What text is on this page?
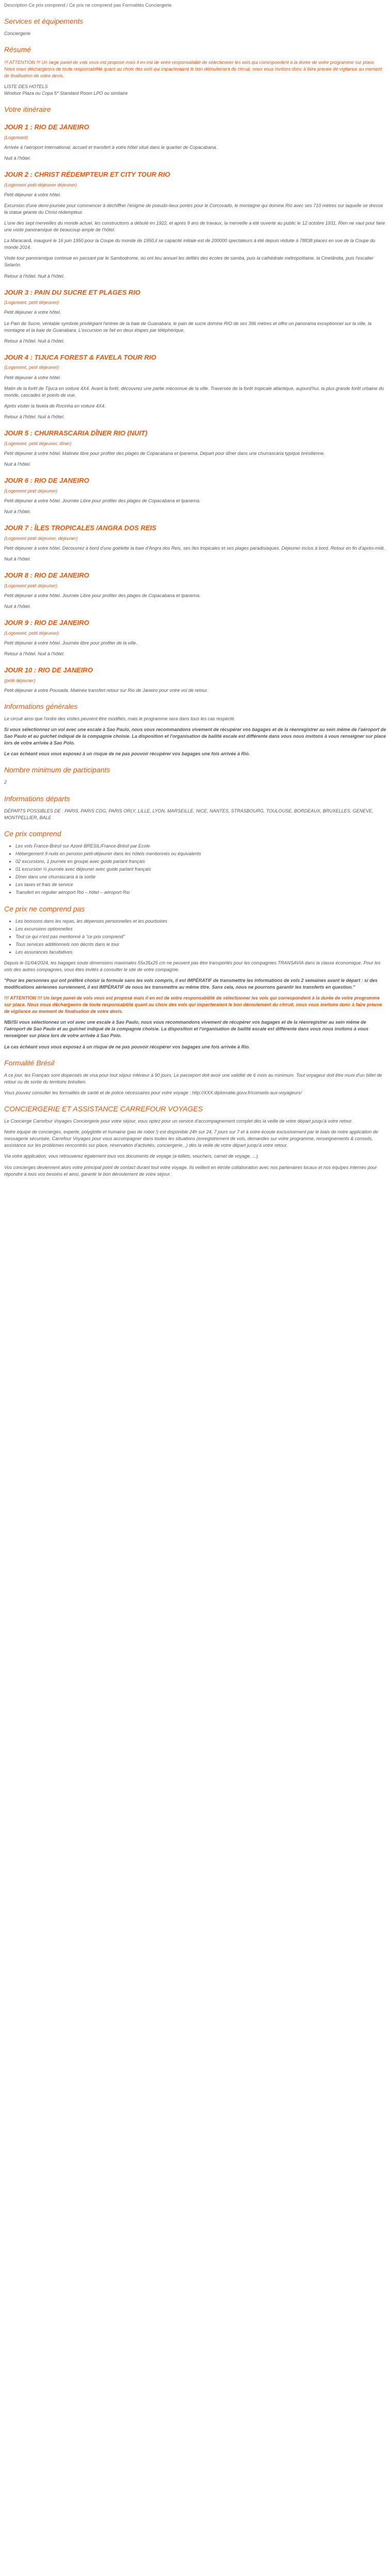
Description Ce prix comprend / Ce prix ne comprend pas Formalités Conciergerie
Services et équipements

Conciergerie

Résumé

!!! ATTENTION !!! Un large panel de vols vous est proposé mais il en est de votre responsabilité de sélectionner les vols qui correspondent à la durée de votre programme sur place. Nous nous déchargeons de toute responsabilité quant au choix des vols qui impacteraient le bon déroulement du circuit, nous vous invitons donc à faire preuve de vigilance au moment de finalisation de votre devis.

LISTE DES HOTELS

Windsor Plaza ou Copa 5* Standard Room LPO ou similaire

Votre itinéraire
JOUR 1 : RIO DE JANEIRO
(Logement)

Arrivée à l'aéroport International, accueil et transfert à votre hôtel situé dans le quartier de Copacabana.

Nuit à l'hôtel.

JOUR 2 : CHRIST RÉDEMPTEUR ET CITY TOUR RIO
(Logement petit-déjeuner déjeuner)

Petit déjeuner à votre hôtel.

Excursion d'une demi-journée pour commencer à déchiffrer l'énigme de pseudo-lieux portés pour le Corcovado, le montagne qui domine Rio avec ses 710 mètres sur laquelle se dresse la statue géante du Christ rédempteur.

L'une des sept merveilles du monde actuel, les constructions a débuté en 1922, et après 9 ans de travaux, la merveille a été ouverte au public le 12 octobre 1931. Rien ne vaut pour faire une visite panoramique de beaucoup ample de l'hôtel.

La Maracanã, inauguré le 16 juin 1950 pour la Coupe du monde de 1950,il se capacité initiale est de 200000 spectateurs à été depuis réduite à 78838 places en vue de la Coupe du monde 2014.

Visite tour panoramique continue en passant par le Sambodrome, où ont lieu annuel les défilés des écoles de samba, puis la cathédrale métropolitaine, la Cinelândia, puis l'escalier Selarón.

Retour à l'hôtel. Nuit à l'hôtel.

JOUR 3 : PAIN DU SUCRE ET PLAGES RIO
(Logement, petit déjeuner)

Petit déjeuner à votre hôtel.

Le Pain de Sucre, véritable symbole privilégiant l'entrée de la baie de Guanabara, le pain de sucre domine RIO de ses 396 mètres et offre un panorama exceptionnel sur la ville, la montagne et la baie de Guanabara. L'excursion se fait en deux étapes par téléphérique.

Retour à l'hôtel. Nuit à l'hôtel.

JOUR 4 : TIJUCA FOREST & FAVELA TOUR RIO
(Logement, petit déjeuner)

Petit déjeuner à votre hôtel.

Matin de la forêt de Tijuca en voiture 4X4. Avant la forêt, découvrez une partie méconnue de la ville. Traversée de la forêt tropicale atlantique, aujourd'hui, la plus grande forêt urbaine du monde, cascades et points de vue.

Après visiter la favela de Rocinha en voiture 4X4.

Retour à l'hôtel. Nuit à l'hôtel.

JOUR 5 : CHURRASCARIA DÎNER RIO (NUIT)
(Logement, petit déjeuner, dîner)

Petit déjeuner à votre hôtel. Matinée libre pour profiter des plages de Copacabana et Ipanema. Départ pour dîner dans une churrascaria typique brésilienne.

Nuit à l'hôtel.

JOUR 6 : RIO DE JANEIRO
(Logement petit déjeuner)

Petit déjeuner à votre hôtel. Journée Libre pour profiter des plages de Copacabana et Ipanema.

Nuit à l'hôtel.

JOUR 7 : ÎLES TROPICALES /ANGRA DOS REIS
(Logement petit déjeuner, déjeuner)

Petit déjeuner à votre hôtel. Découvrez à bord d'une goélette la baie d'Angra dos Reis, ses îles tropicales et ses plages paradisiaques. Déjeuner inclus à bord. Retour en fin d'après-midi.

Nuit à l'hôtel.

JOUR 8 : RIO DE JANEIRO
(Logement petit déjeuner)

Petit déjeuner à votre hôtel. Journée Libre pour profiter des plages de Copacabana et Ipanema.

Nuit à l'hôtel.

JOUR 9 : RIO DE JANEIRO
(Logement, petit déjeuner)

Petit déjeuner à votre hôtel. Journée libre pour profiter de la ville.

Retour à l'hôtel. Nuit à l'hôtel.

JOUR 10 : RIO DE JANEIRO
(petit déjeuner)

Petit déjeuner à votre Pousada. Matinée transfert retour sur Rio de Janeiro pour votre vol de retour.

Informations générales

Le circuit ainsi que l'ordre des visites peuvent être modifiés, mais le programme sera dans tous les cas respecté.

Si vous sélectionnez un vol avec une escale à Sao Paulo, nous vous recommandons vivement de récupérer vos bagages et de la réenregistrer au sein même de l'aéroport de Sao Paulo et au guichet indiqué de la compagnie choisie. La disposition et l'organisation de bailité escale est différente dans vous nous invitons à vous renseigner sur place lors de votre arrivée à Sao Polo.

Le cas échéant vous vous exposez à un risque de ne pas pouvoir récupérer vos bagages une fois arrivée à Rio.

Nombre minimum de participants

2

Informations départs

DÉPARTS POSSIBLES DE : PARIS, PARIS CDG, PARIS ORLY, LILLE, LYON, MARSEILLE, NICE, NANTES, STRASBOURG, TOULOUSE, BORDEAUX, BRUXELLES, GENEVE, MONTPELLIER, BALE

Ce prix comprend
• Les vols France-Brésil sur Azoré BRESIL/France-Brésil par Ecole
• Hébergement 9 nuits en pension petit-déjeuner dans les hôtels mentionnés ou équivalents
• 02 excursions, 1 journée en groupe avec guide parlant français
• 01 excursion ½ journée avec déjeuner avec guide parlant français
• Dîner dans une churrascaria à la sortie
• Les taxes et frais de service
• Transfert en régulier aéroport Rio – hôtel – aéroport Rio
Ce prix ne comprend pas
• Les boissons dans les repas, les dépenses personnelles et les pourboires
• Les excursions optionnelles
• Tout ce qui n'est pas mentionné à "ce prix comprend"
• Tous services additionnels non décrits dans le tour
• Les assurances facultatives

Depuis le 01/04/2024, les bagages soute dimensions maximales 55x35x25 cm ne peuvent pas être transportés pour les compagnies TRANSAVIA dans la classe économique. Pour les vols des autres compagnies, vous êtes invités à consulter le site de votre compagnie.

"Pour les personnes qui ont préféré choisir la formule sans les vols compris, il est IMPÉRATIF de transmettre les informations de vols 2 semaines avant le départ : si des modifications aériennes surviennent, il est IMPÉRATIF de nous les transmettre au même titre. Sans cela, nous ne pourrons garantir les transferts en question."

!!! ATTENTION !!! Un large panel de vols vous est proposé mais il en est de votre responsabilité de sélectionner les vols qui correspondent à la durée de votre programme sur place. Nous nous déchargeons de toute responsabilité quant au choix des vols qui impacteraient le bon déroulement du circuit, nous vous invitons donc à faire preuve de vigilance au moment de finalisation de votre devis.

NB//Si vous sélectionnez un vol avec une escale à Sao Paulo, nous vous recommandons vivement de récupérer vos bagages et de la réenregistrer au sein même de l'aéroport de Sao Paulo et au guichet indiqué de la compagnie choisie. La disposition et l'organisation de bailité escale est différente dans vous nous invitons à vous renseigner sur place lors de votre arrivée à Sao Polo.

Le cas échéant vous vous exposez à un risque de ne pas pouvoir récupérer vos bagages une fois arrivée à Rio.

Formalité Brésil

A ce jour, les Français sont dispensés de visa pour tout séjour inférieur à 90 jours. Le passeport doit avoir une validité de 6 mois au minimum. Tout voyageur doit être muni d'un billet de retour ou de sortie du territoire brésilien.

Vous pouvez consulter les formalités de santé et de police nécessaires pour votre voyage : http://XXX.diplomatie.gouv.fr/conseils-aux-voyageurs/

CONCIERGERIE ET ASSISTANCE CARREFOUR VOYAGES

Le Concierge Carrefour Voyages Conciergerie pour votre séjour, vous optez pour un service d'accompagnement complet dès la veille de votre départ jusqu'à votre retour.

Notre équipe de concierges, experte, polyglotte et humaine (pas de robot !) est disponible 24h sur 24, 7 jours sur 7 et à votre écoute exclusivement par le biais de notre application de messagerie sécurisée, Carrefour Voyages pour vous accompagner dans toutes les situations (enregistrement de vols, demandes sur votre programme, renseignements & conseils, assistance sur les problèmes rencontrés sur place, réservation d'activités, conciergerie...) dès la veille de votre départ jusqu'à votre retour.

Via votre application, vous retrouverez également tous vos documents de voyage (e-billets, vouchers, carnet de voyage, ...).

Vos concierges deviennent alors votre principal point de contact durant tout votre voyage. Ils veillent en étroite collaboration avec nos partenaires locaux et nos équipes internes pour répondre à tous vos besoins et ainsi, garantir le bon déroulement de votre séjour.
